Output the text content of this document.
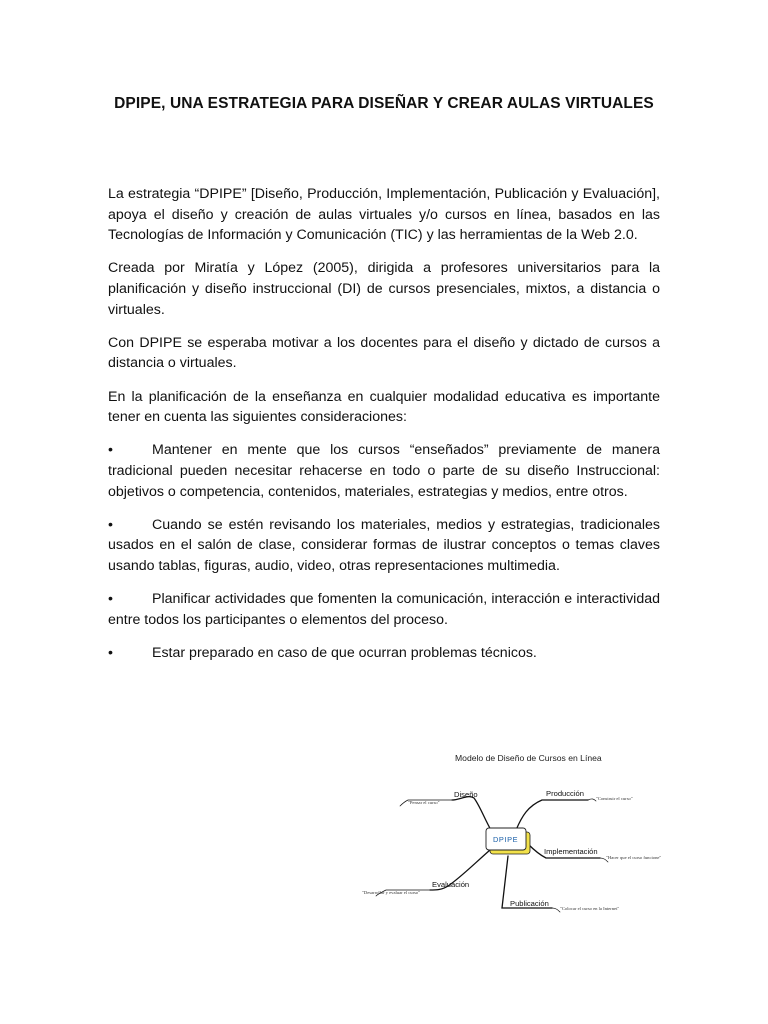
DPIPE, UNA ESTRATEGIA PARA DISEÑAR Y CREAR AULAS VIRTUALES

La estrategia “DPIPE” [Diseño, Producción, Implementación, Publicación y Evaluación], apoya el diseño y creación de aulas virtuales y/o cursos en línea, basados en las Tecnologías de Información y Comunicación (TIC) y las herramientas de la Web 2.0.

Creada por Miratía y López (2005), dirigida a profesores universitarios para la planificación y diseño instruccional (DI) de cursos presenciales, mixtos, a distancia o virtuales.

Con DPIPE se esperaba motivar a los docentes para el diseño y dictado de cursos a distancia o virtuales.

En la planificación de la enseñanza en cualquier modalidad educativa es importante tener en cuenta las siguientes consideraciones:

•	Mantener en mente que los cursos “enseñados” previamente de manera tradicional pueden necesitar rehacerse en todo o parte de su diseño Instruccional: objetivos o competencia, contenidos, materiales, estrategias y medios, entre otros.

•	Cuando se estén revisando los materiales, medios y estrategias, tradicionales usados en el salón de clase, considerar formas de ilustrar conceptos o temas claves usando tablas, figuras, audio, video, otras representaciones multimedia.

•	Planificar actividades que fomenten la comunicación, interacción e interactividad entre todos los participantes o elementos del proceso.

•	Estar preparado en caso de que ocurran problemas técnicos.

Modelo de Diseño de Cursos en Línea
DPIPE
Diseño
"Pensar el curso"
Producción
"Construir el curso"
Implementación
"Hacer que el curso funcione"
Publicación
"Colocar el curso en la Internet"
Evaluación
"Desarrollar y evaluar el curso"
